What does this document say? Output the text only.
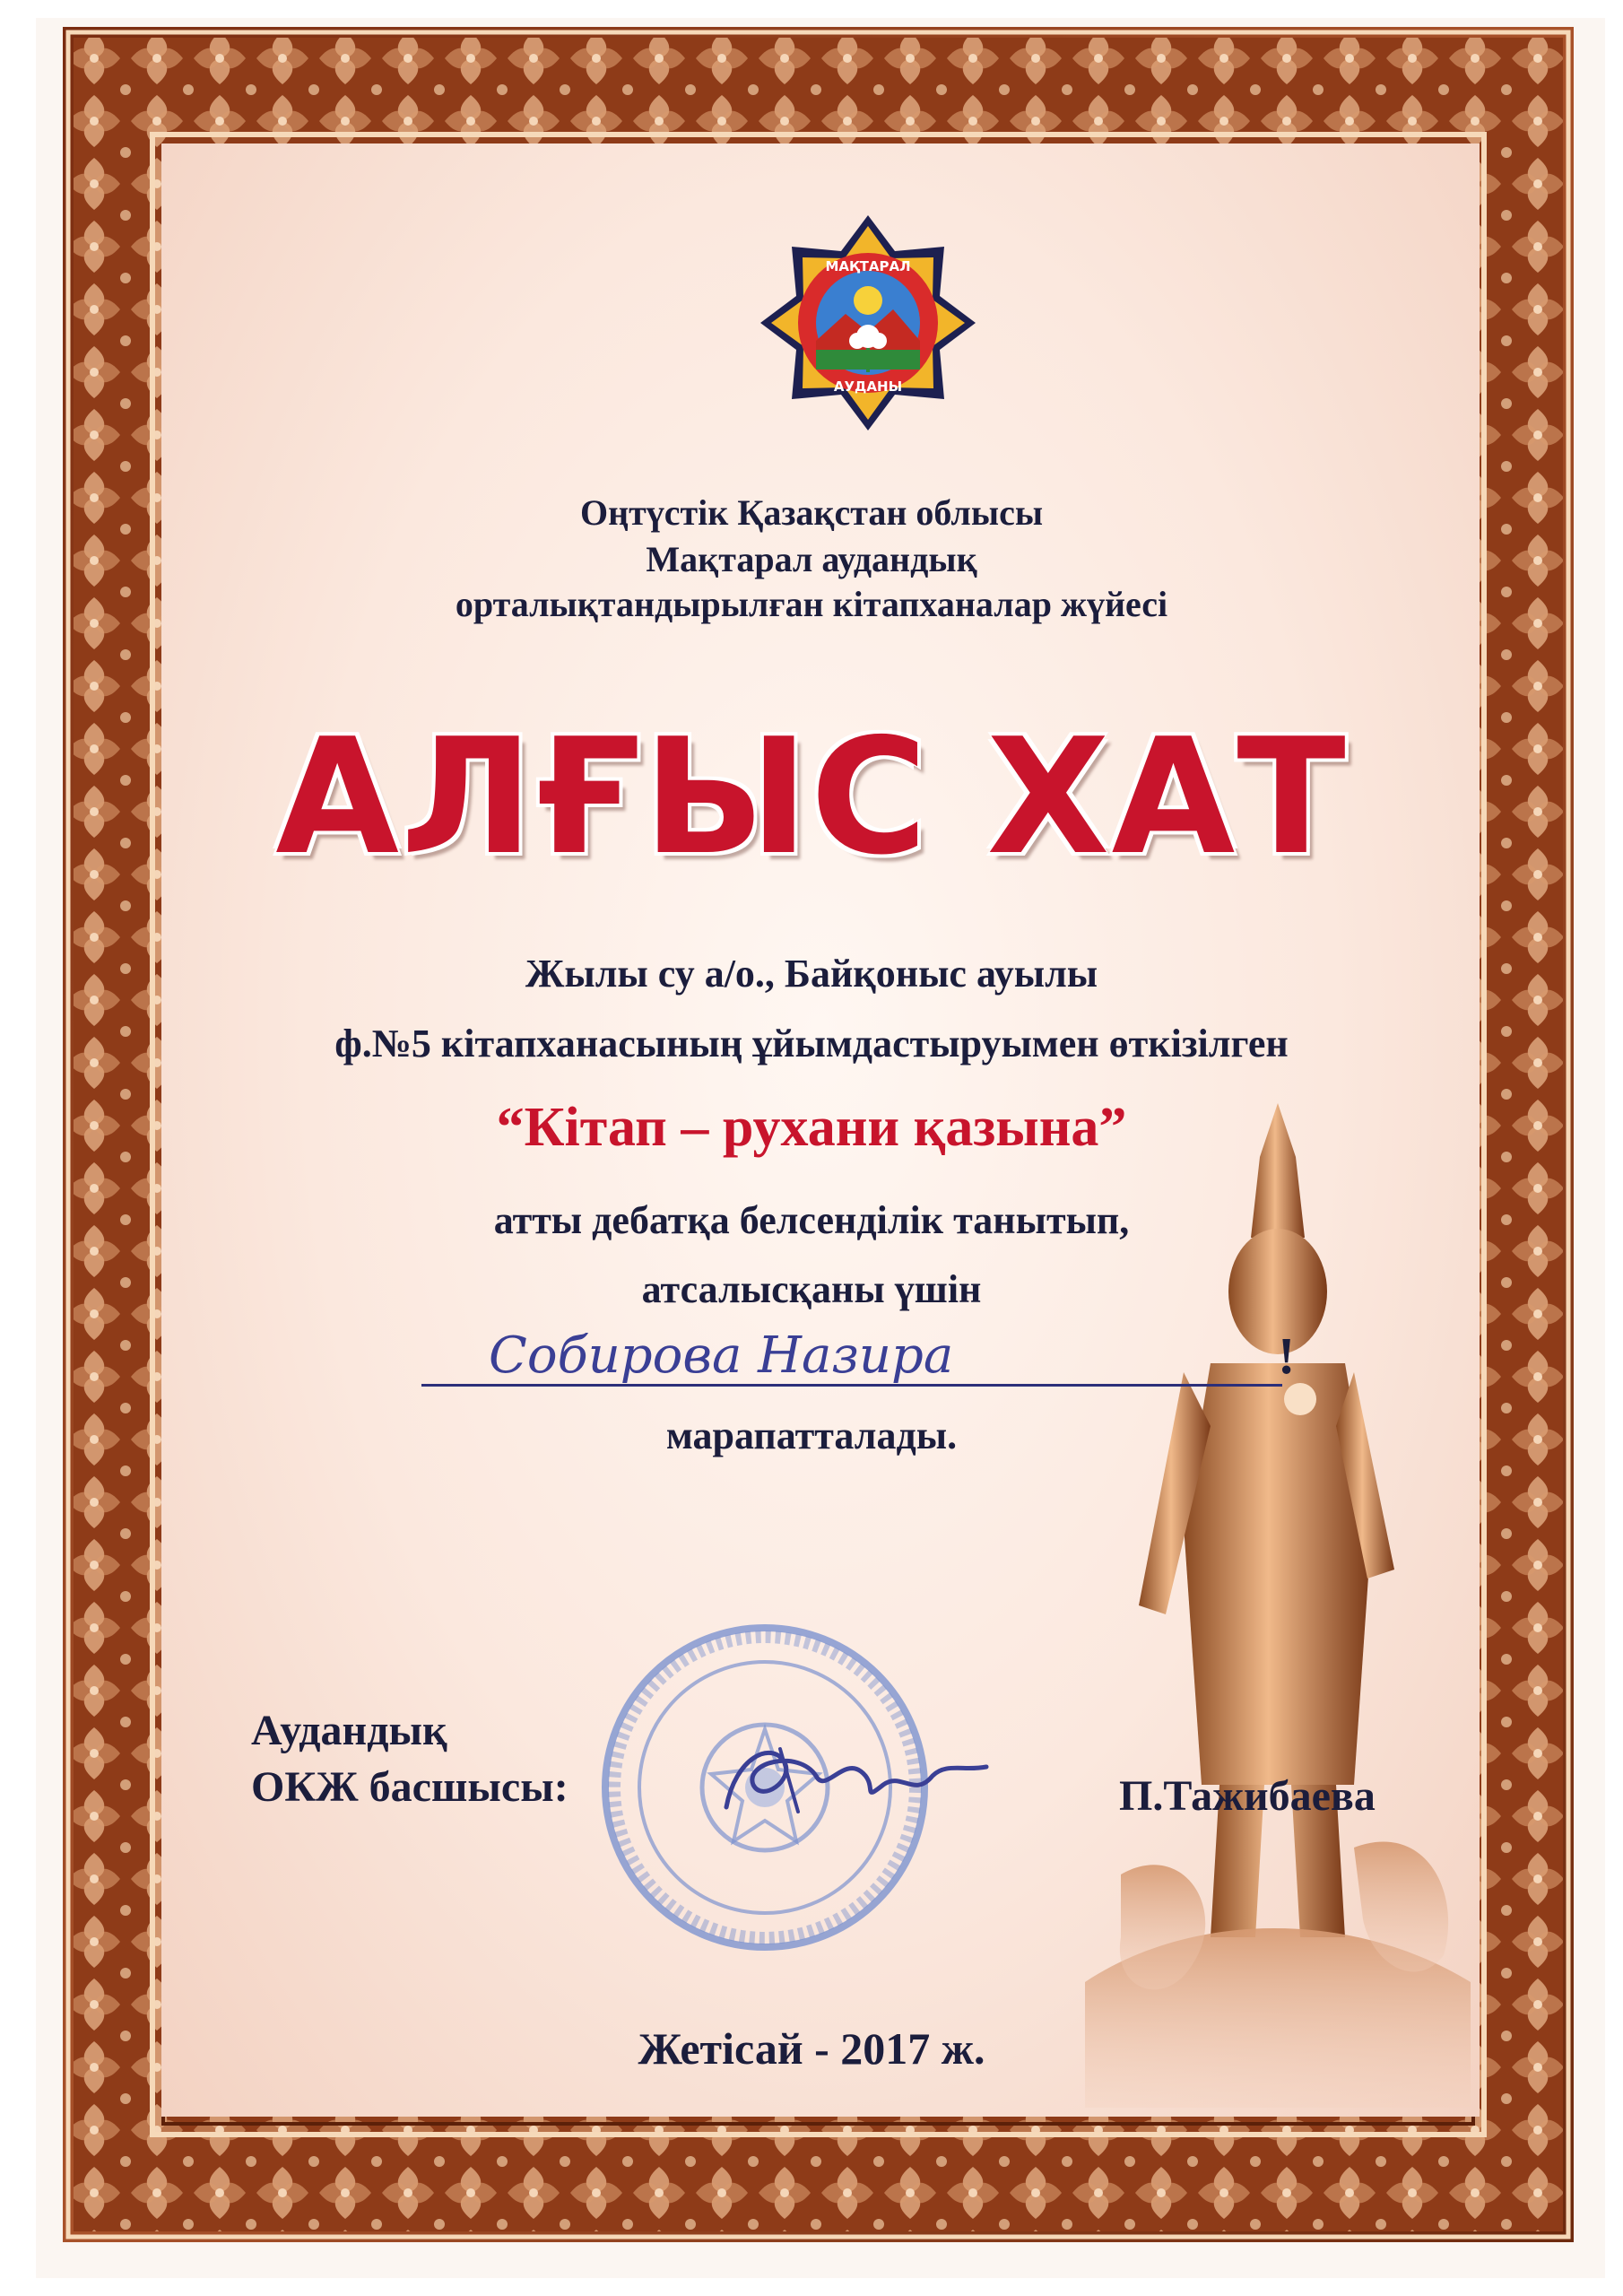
МАҚТАРАЛ
АУДАНЫ
Оңтүстік Қазақстан облысы
Мақтарал аудандық
орталықтандырылған кітапханалар жүйесі
АЛҒЫС ХАТ
Жылы су а/о., Байқоныс ауылы
ф.№5 кітапханасының ұйымдастыруымен өткізілген
“Кітап – рухани қазына”
атты дебатқа белсенділік танытып,
атсалысқаны үшін
Собирова Назира	!
марапатталады.
Аудандық
ОКЖ басшысы:	П.Тажибаева
Жетісай - 2017 ж.
